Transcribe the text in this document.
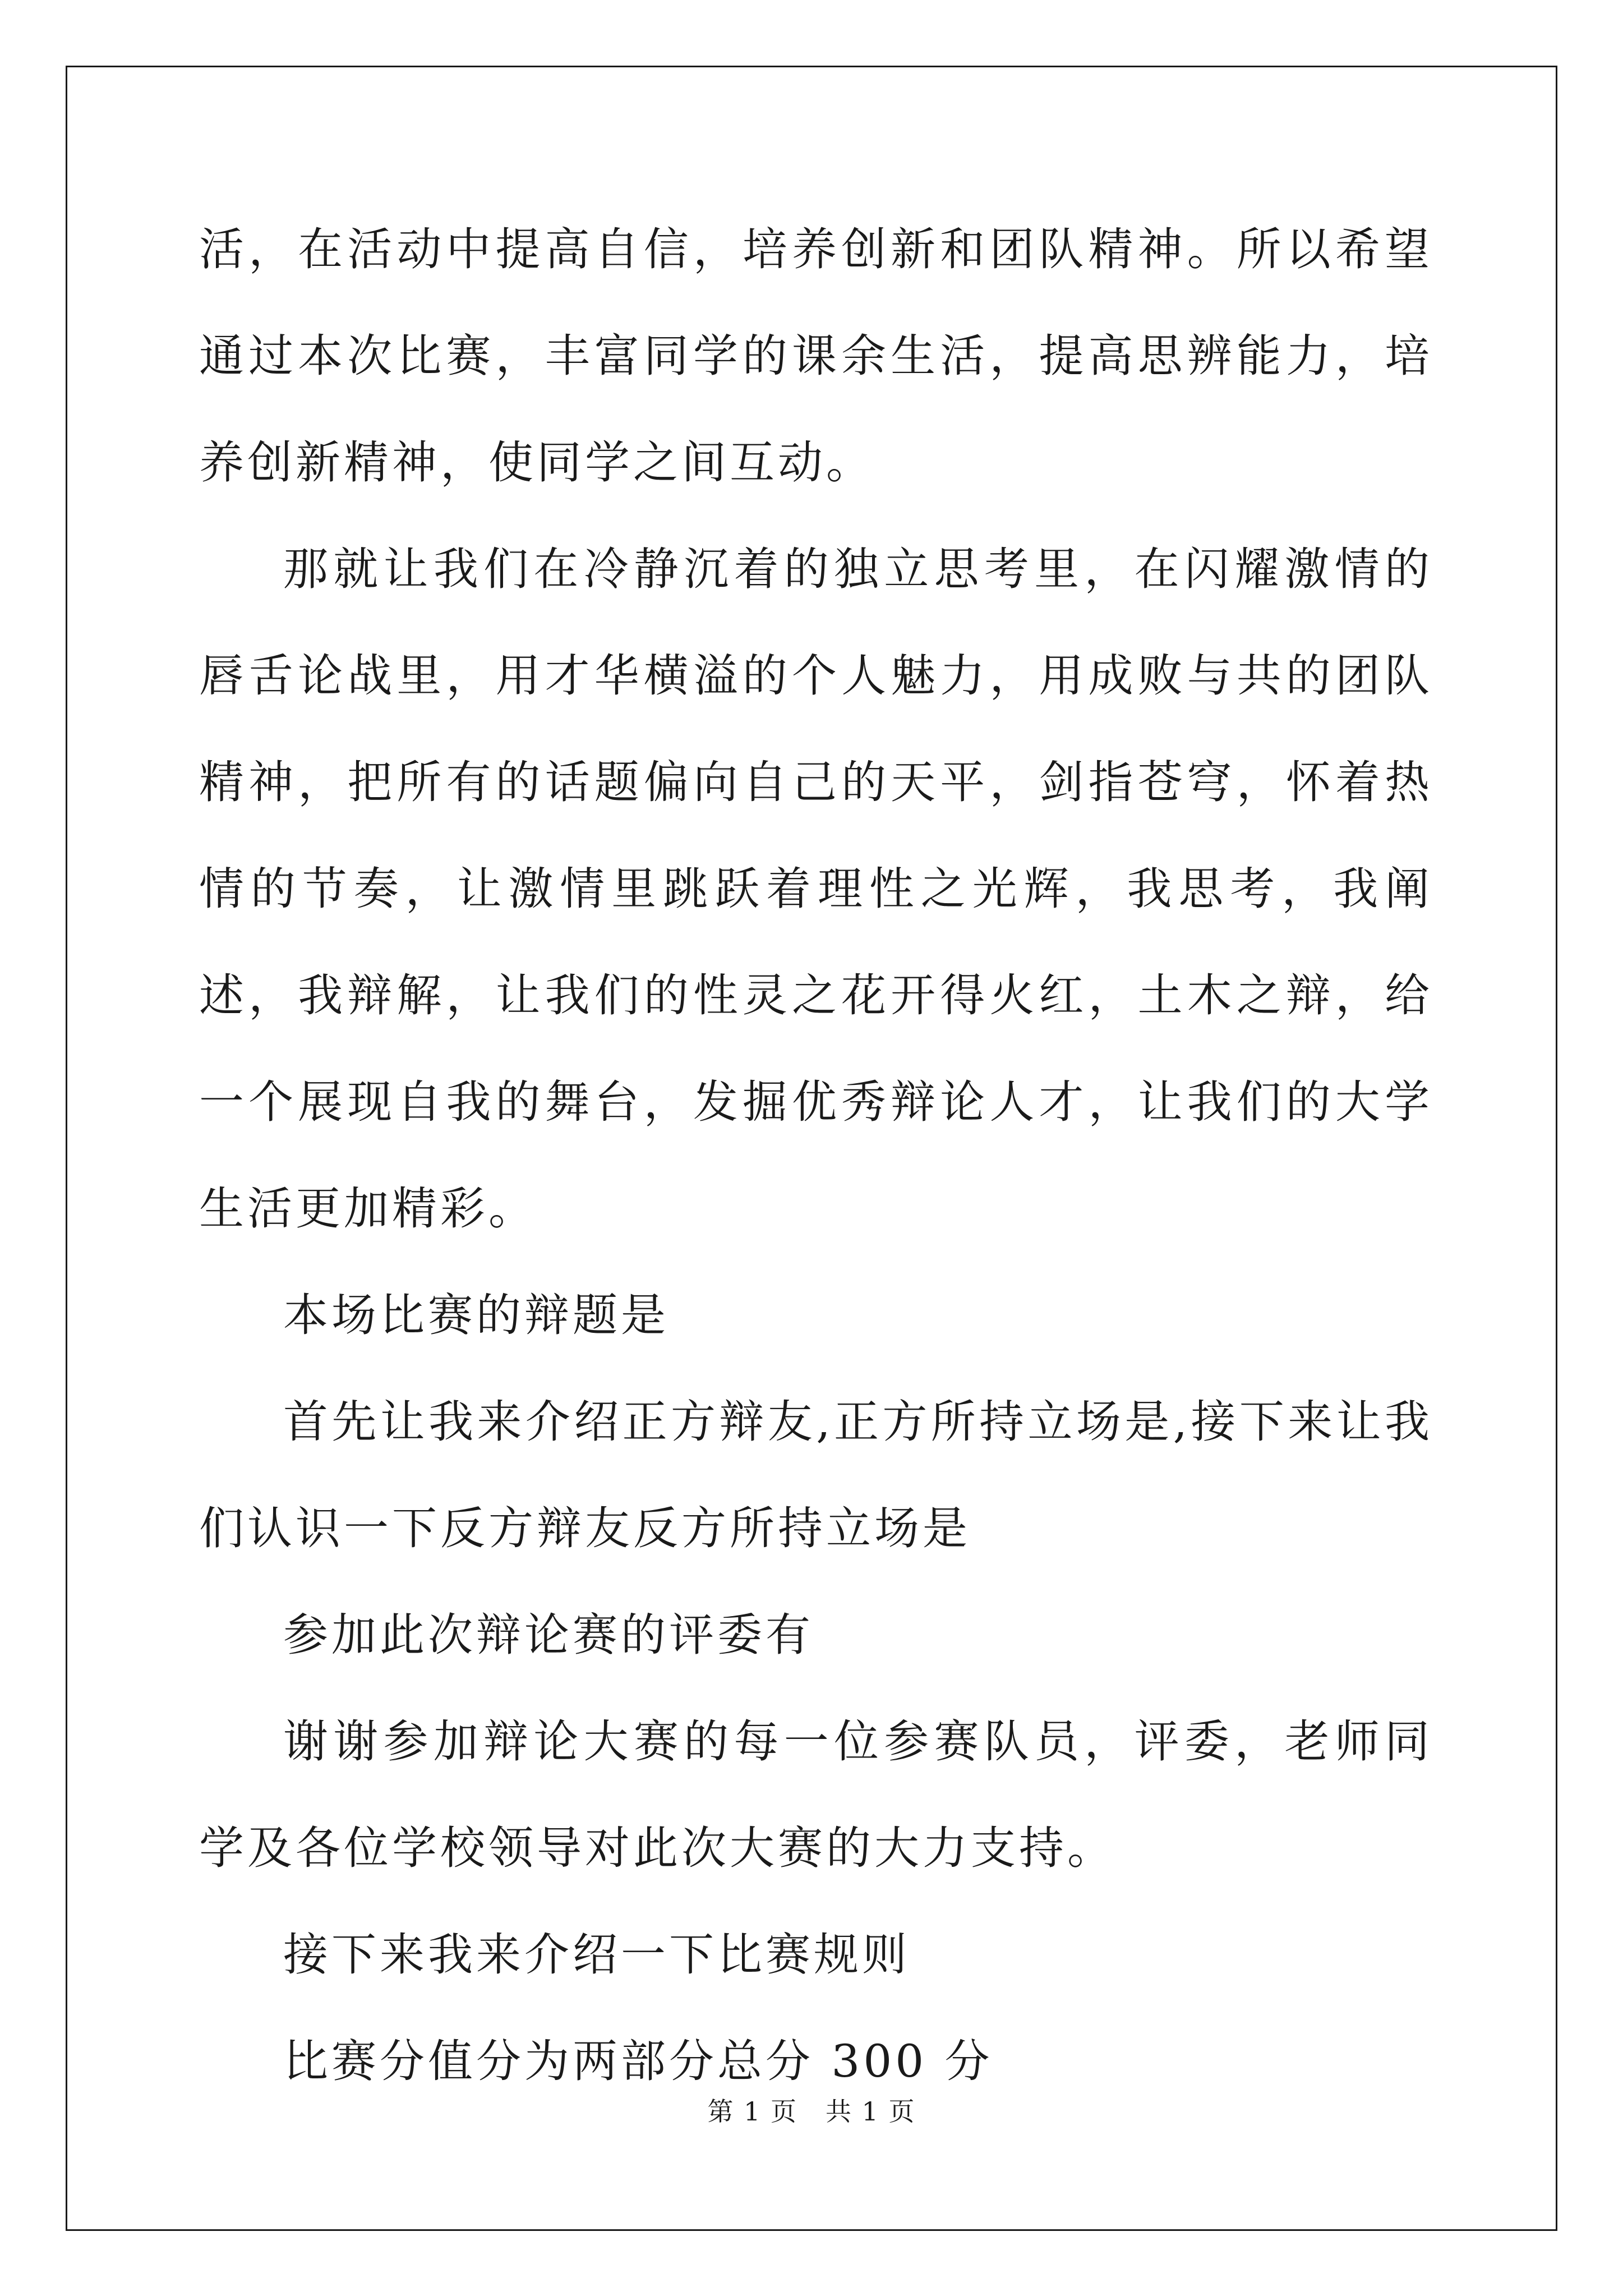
活，在活动中提高自信，培养创新和团队精神。所以希望通过本次比赛，丰富同学的课余生活，提高思辨能力，培养创新精神，使同学之间互动。

那就让我们在冷静沉着的独立思考里，在闪耀激情的唇舌论战里，用才华横溢的个人魅力，用成败与共的团队精神，把所有的话题偏向自己的天平，剑指苍穹，怀着热情的节奏，让激情里跳跃着理性之光辉，我思考，我阐述，我辩解，让我们的性灵之花开得火红，土木之辩，给一个展现自我的舞台，发掘优秀辩论人才，让我们的大学生活更加精彩。

本场比赛的辩题是

首先让我来介绍正方辩友,正方所持立场是,接下来让我们认识一下反方辩友反方所持立场是

参加此次辩论赛的评委有

谢谢参加辩论大赛的每一位参赛队员，评委，老师同学及各位学校领导对此次大赛的大力支持。

接下来我来介绍一下比赛规则

比赛分值分为两部分总分 300 分

第 1 页 共 1 页
